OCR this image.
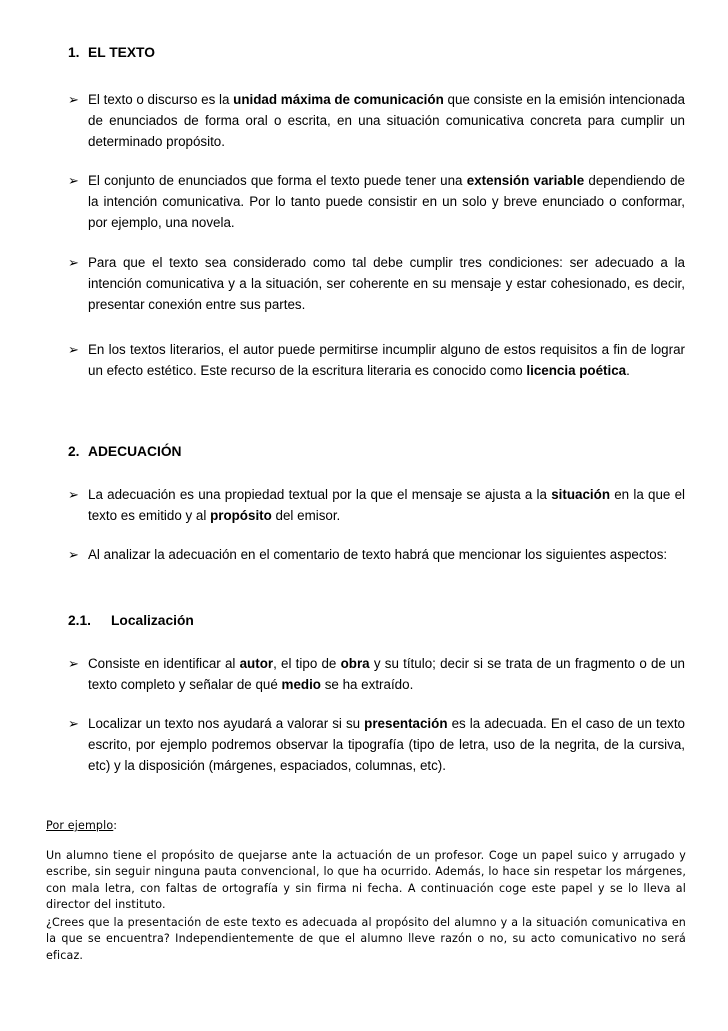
1. EL TEXTO
➢ El texto o discurso es la unidad máxima de comunicación que consiste en la emisión intencionada de enunciados de forma oral o escrita, en una situación comunicativa concreta para cumplir un determinado propósito.
➢ El conjunto de enunciados que forma el texto puede tener una extensión variable dependiendo de la intención comunicativa. Por lo tanto puede consistir en un solo y breve enunciado o conformar, por ejemplo, una novela.
➢ Para que el texto sea considerado como tal debe cumplir tres condiciones: ser adecuado a la intención comunicativa y a la situación, ser coherente en su mensaje y estar cohesionado, es decir, presentar conexión entre sus partes.
➢ En los textos literarios, el autor puede permitirse incumplir alguno de estos requisitos a fin de lograr un efecto estético. Este recurso de la escritura literaria es conocido como licencia poética.
2. ADECUACIÓN
➢ La adecuación es una propiedad textual por la que el mensaje se ajusta a la situación en la que el texto es emitido y al propósito del emisor.
➢ Al analizar la adecuación en el comentario de texto habrá que mencionar los siguientes aspectos:
2.1. Localización
➢ Consiste en identificar al autor, el tipo de obra y su título; decir si se trata de un fragmento o de un texto completo y señalar de qué medio se ha extraído.
➢ Localizar un texto nos ayudará a valorar si su presentación es la adecuada. En el caso de un texto escrito, por ejemplo podremos observar la tipografía (tipo de letra, uso de la negrita, de la cursiva, etc) y la disposición (márgenes, espaciados, columnas, etc).
Por ejemplo:
Un alumno tiene el propósito de quejarse ante la actuación de un profesor. Coge un papel suico y arrugado y escribe, sin seguir ninguna pauta convencional, lo que ha ocurrido. Además, lo hace sin respetar los márgenes, con mala letra, con faltas de ortografía y sin firma ni fecha. A continuación coge este papel y se lo lleva al director del instituto.
¿Crees que la presentación de este texto es adecuada al propósito del alumno y a la situación comunicativa en la que se encuentra? Independientemente de que el alumno lleve razón o no, su acto comunicativo no será eficaz.
